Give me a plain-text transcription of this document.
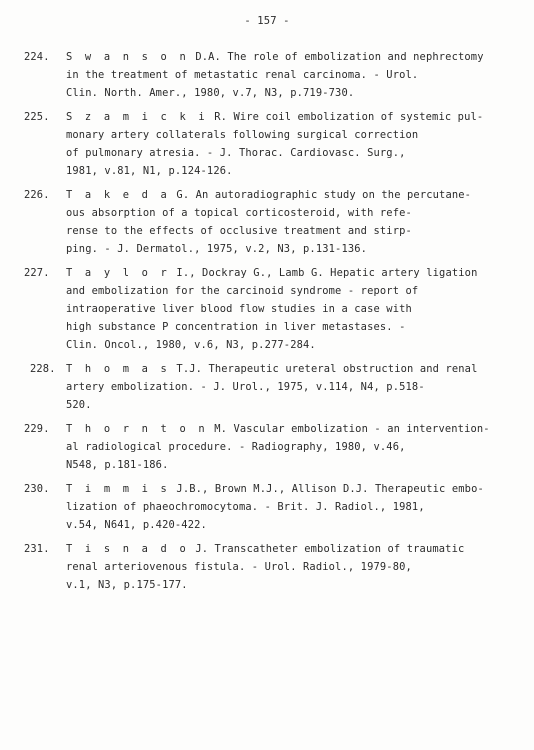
- 157 -
224.	S w a n s o n D.A. The role of embolization and nephrectomy
in the treatment of metastatic renal carcinoma. - Urol.
Clin. North. Amer., 1980, v.7, N3, p.719-730.
225.	S z a m i c k i R. Wire coil embolization of systemic pul-
monary artery collaterals following surgical correction
of pulmonary atresia. - J. Thorac. Cardiovasc. Surg.,
1981, v.81, N1, p.124-126.
226.	T a k e d a G. An autoradiographic study on the percutane-
ous absorption of a topical corticosteroid, with refe-
rense to the effects of occlusive treatment and stirp-
ping. - J. Dermatol., 1975, v.2, N3, p.131-136.
227.	T a y l o r I., Dockray G., Lamb G. Hepatic artery ligation
and embolization for the carcinoid syndrome - report of
intraoperative liver blood flow studies in a case with
high substance P concentration in liver metastases. -
Clin. Oncol., 1980, v.6, N3, p.277-284.
228. T h o m a s T.J. Therapeutic ureteral obstruction and renal
artery embolization. - J. Urol., 1975, v.114, N4, p.518-
520.
229.	T h o r n t o n M. Vascular embolization - an intervention-
al radiological procedure. - Radiography, 1980, v.46,
N548, p.181-186.
230.	T i m m i s J.B., Brown M.J., Allison D.J. Therapeutic embo-
lization of phaeochromocytoma. - Brit. J. Radiol., 1981,
v.54, N641, p.420-422.
231.	T i s n a d o J. Transcatheter embolization of traumatic
renal arteriovenous fistula. - Urol. Radiol., 1979-80,
v.1, N3, p.175-177.
